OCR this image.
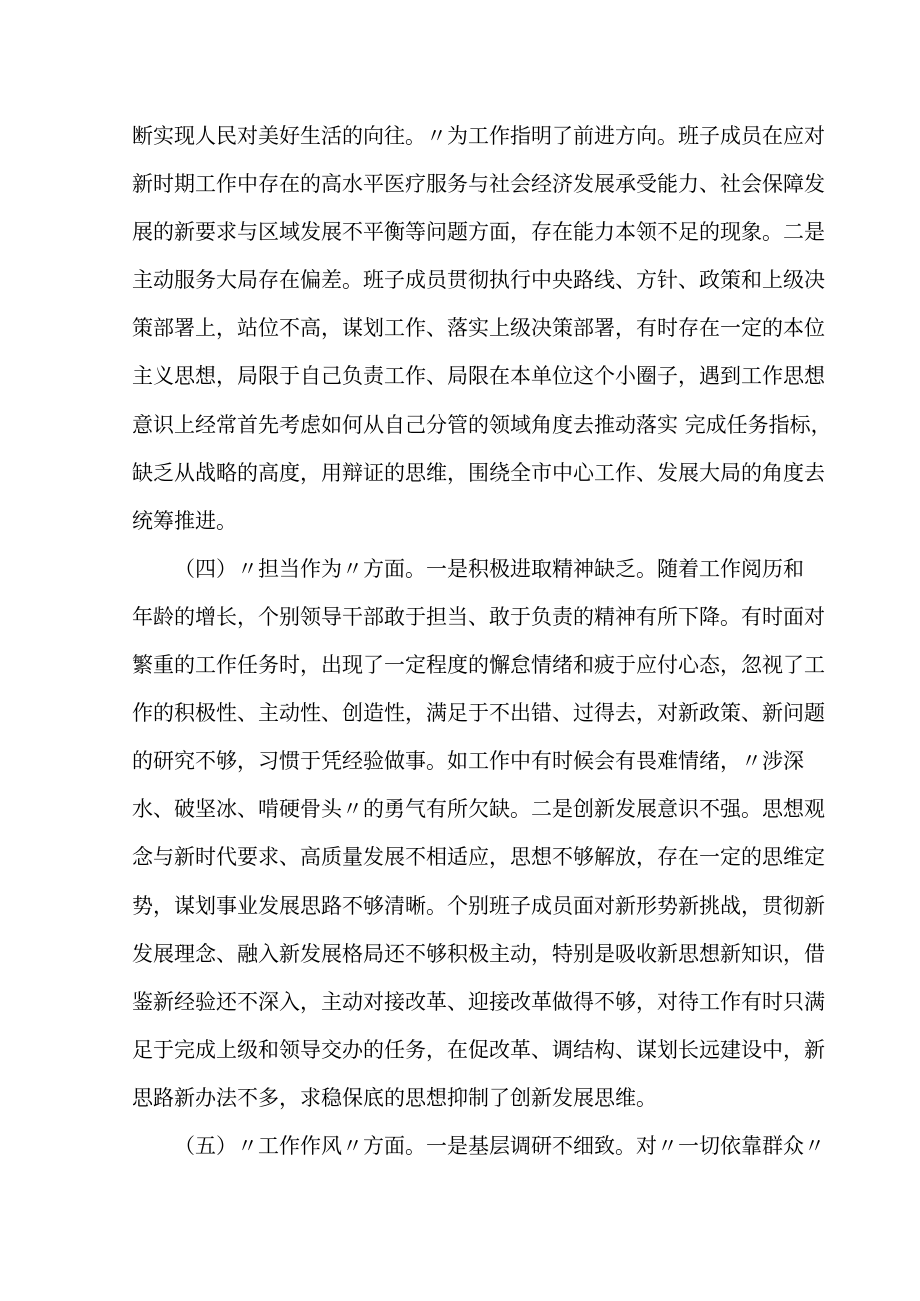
断实现人民对美好生活的向往。〃为工作指明了前进方向。班子成员在应对
新时期工作中存在的高水平医疗服务与社会经济发展承受能力、社会保障发
展的新要求与区域发展不平衡等问题方面，存在能力本领不足的现象。二是
主动服务大局存在偏差。班子成员贯彻执行中央路线、方针、政策和上级决
策部署上，站位不高，谋划工作、落实上级决策部署，有时存在一定的本位
主义思想，局限于自己负责工作、局限在本单位这个小圈子，遇到工作思想
意识上经常首先考虑如何从自己分管的领域角度去推动落实 完成任务指标，
缺乏从战略的高度，用辩证的思维，围绕全市中心工作、发展大局的角度去
统筹推进。
（四）〃担当作为〃方面。一是积极进取精神缺乏。随着工作阅历和
年龄的增长，个别领导干部敢于担当、敢于负责的精神有所下降。有时面对
繁重的工作任务时，出现了一定程度的懈怠情绪和疲于应付心态，忽视了工
作的积极性、主动性、创造性，满足于不出错、过得去，对新政策、新问题
的研究不够，习惯于凭经验做事。如工作中有时候会有畏难情绪，〃涉深
水、破坚冰、啃硬骨头〃的勇气有所欠缺。二是创新发展意识不强。思想观
念与新时代要求、高质量发展不相适应，思想不够解放，存在一定的思维定
势，谋划事业发展思路不够清晰。个别班子成员面对新形势新挑战，贯彻新
发展理念、融入新发展格局还不够积极主动，特别是吸收新思想新知识，借
鉴新经验还不深入，主动对接改革、迎接改革做得不够，对待工作有时只满
足于完成上级和领导交办的任务，在促改革、调结构、谋划长远建设中，新
思路新办法不多，求稳保底的思想抑制了创新发展思维。
（五）〃工作作风〃方面。一是基层调研不细致。对〃一切依靠群众〃
